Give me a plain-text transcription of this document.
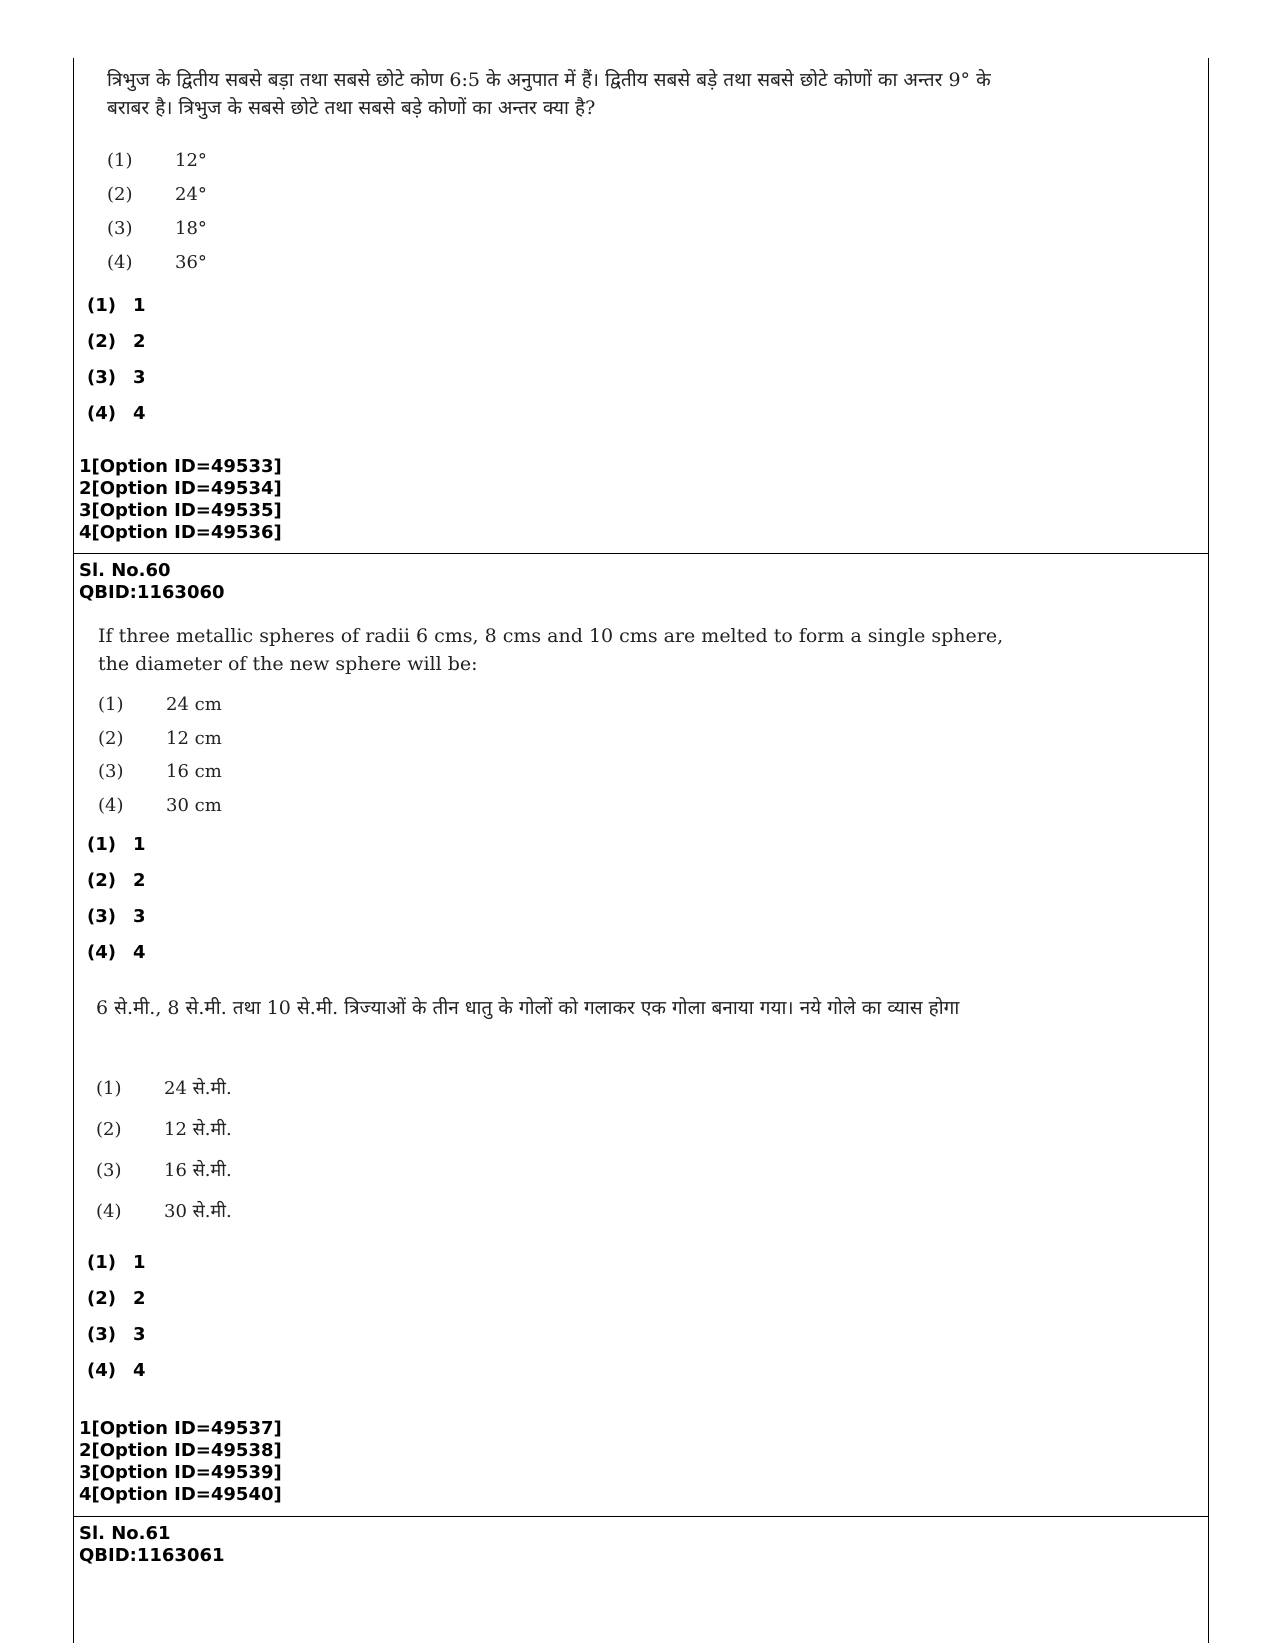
त्रिभुज के द्वितीय सबसे बड़ा तथा सबसे छोटे कोण 6:5 के अनुपात में हैं। द्वितीय सबसे बड़े तथा सबसे छोटे कोणों का अन्तर 9° के बराबर है। त्रिभुज के सबसे छोटे तथा सबसे बड़े कोणों का अन्तर क्या है?
(1) 12°
(2) 24°
(3) 18°
(4) 36°
(1) 1
(2) 2
(3) 3
(4) 4
1[Option ID=49533]
2[Option ID=49534]
3[Option ID=49535]
4[Option ID=49536]
Sl. No.60
QBID:1163060
If three metallic spheres of radii 6 cms, 8 cms and 10 cms are melted to form a single sphere, the diameter of the new sphere will be:
(1) 24 cm
(2) 12 cm
(3) 16 cm
(4) 30 cm
(1) 1
(2) 2
(3) 3
(4) 4
6 से.मी., 8 से.मी. तथा 10 से.मी. त्रिज्याओं के तीन धातु के गोलों को गलाकर एक गोला बनाया गया। नये गोले का व्यास होगा
(1) 24 से.मी.
(2) 12 से.मी.
(3) 16 से.मी.
(4) 30 से.मी.
(1) 1
(2) 2
(3) 3
(4) 4
1[Option ID=49537]
2[Option ID=49538]
3[Option ID=49539]
4[Option ID=49540]
Sl. No.61
QBID:1163061
